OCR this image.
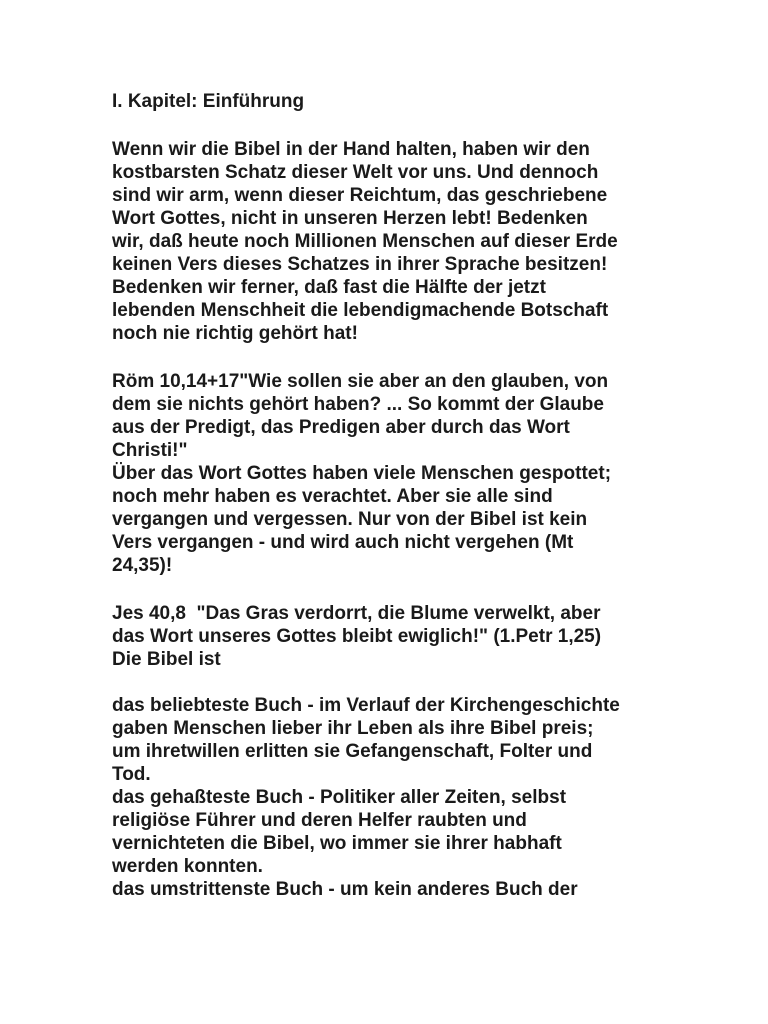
I. Kapitel: Einführung

Wenn wir die Bibel in der Hand halten, haben wir den

kostbarsten Schatz dieser Welt vor uns. Und dennoch

sind wir arm, wenn dieser Reichtum, das geschriebene

Wort Gottes, nicht in unseren Herzen lebt! Bedenken

wir, daß heute noch Millionen Menschen auf dieser Erde

keinen Vers dieses Schatzes in ihrer Sprache besitzen!

Bedenken wir ferner, daß fast die Hälfte der jetzt

lebenden Menschheit die lebendigmachende Botschaft

noch nie richtig gehört hat!

Röm 10,14+17"Wie sollen sie aber an den glauben, von

dem sie nichts gehört haben? ... So kommt der Glaube

aus der Predigt, das Predigen aber durch das Wort

Christi!"

Über das Wort Gottes haben viele Menschen gespottet;

noch mehr haben es verachtet. Aber sie alle sind

vergangen und vergessen. Nur von der Bibel ist kein

Vers vergangen - und wird auch nicht vergehen (Mt

24,35)!

Jes 40,8  "Das Gras verdorrt, die Blume verwelkt, aber

das Wort unseres Gottes bleibt ewiglich!" (1.Petr 1,25)

Die Bibel ist

das beliebteste Buch - im Verlauf der Kirchengeschichte

gaben Menschen lieber ihr Leben als ihre Bibel preis;

um ihretwillen erlitten sie Gefangenschaft, Folter und

Tod.

das gehaßteste Buch - Politiker aller Zeiten, selbst

religiöse Führer und deren Helfer raubten und

vernichteten die Bibel, wo immer sie ihrer habhaft

werden konnten.

das umstrittenste Buch - um kein anderes Buch der
